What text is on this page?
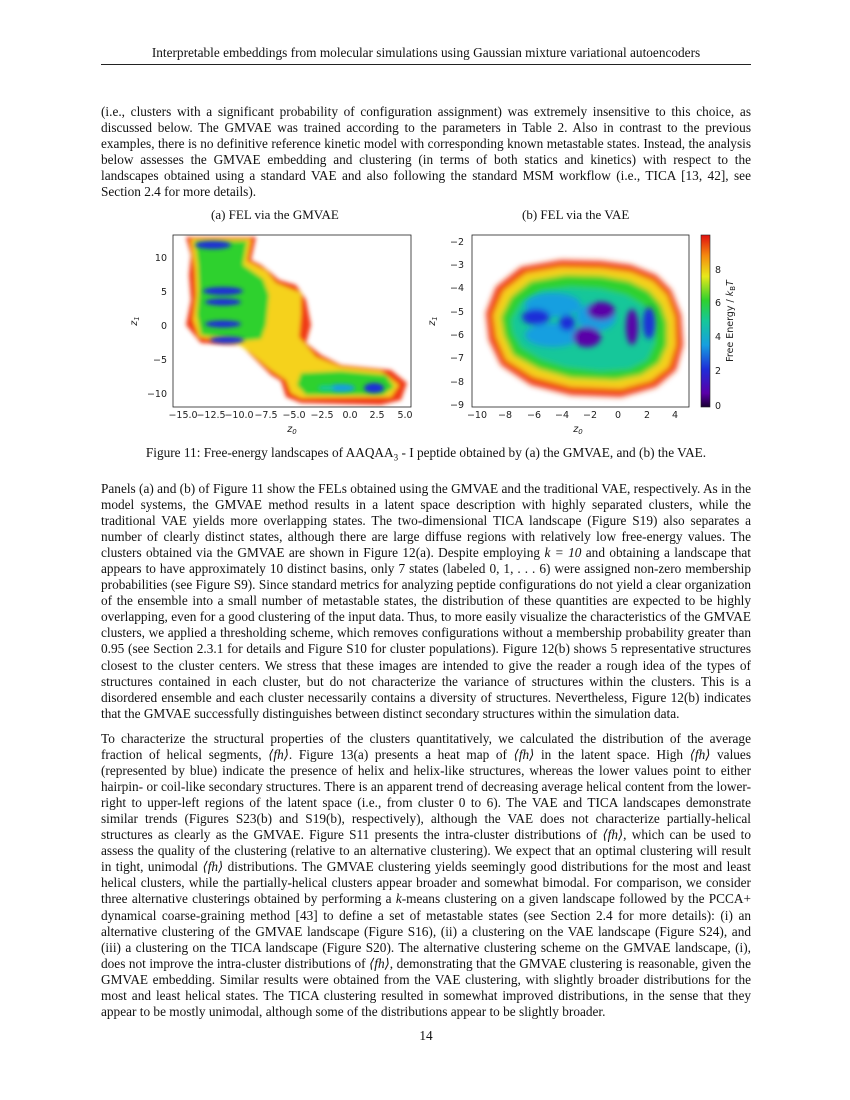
Interpretable embeddings from molecular simulations using Gaussian mixture variational autoencoders

(i.e., clusters with a significant probability of configuration assignment) was extremely insensitive to this choice, as discussed below. The GMVAE was trained according to the parameters in Table 2. Also in contrast to the previous examples, there is no definitive reference kinetic model with corresponding known metastable states. Instead, the analysis below assesses the GMVAE embedding and clustering (in terms of both statics and kinetics) with respect to the landscapes obtained using a standard VAE and also following the standard MSM workflow (i.e., TICA [13, 42], see Section 2.4 for more details).

(a) FEL via the GMVAE	(b) FEL via the VAE
−15.0
−12.5
−10.0 −7.5 −5.0 −2.5 0.0 2.5 5.0
10
5
0
−5
−10
$z_0$
$z_1$
−10 −8 −6 −4 −2 0 2 4
−2
−3
−4
−5
−6
−7
−8
−9
$z_0$
$z_1$
8
6
4
2
0
Free Energy / $k_BT$
Figure 11: Free-energy landscapes of $AAQAA_3$ - I peptide obtained by (a) the GMVAE, and (b) the VAE.

Panels (a) and (b) of Figure 11 show the FELs obtained using the GMVAE and the traditional VAE, respectively. As in the model systems, the GMVAE method results in a latent space description with highly separated clusters, while the traditional VAE yields more overlapping states. The two-dimensional TICA landscape (Figure S19) also separates a number of clearly distinct states, although there are large diffuse regions with relatively low free-energy values. The clusters obtained via the GMVAE are shown in Figure 12(a). Despite employing k = 10 and obtaining a landscape that appears to have approximately 10 distinct basins, only 7 states (labeled 0, 1, . . . 6) were assigned non-zero membership probabilities (see Figure S9). Since standard metrics for analyzing peptide configurations do not yield a clear organization of the ensemble into a small number of metastable states, the distribution of these quantities are expected to be highly overlapping, even for a good clustering of the input data. Thus, to more easily visualize the characteristics of the GMVAE clusters, we applied a thresholding scheme, which removes configurations without a membership probability greater than 0.95 (see Section 2.3.1 for details and Figure S10 for cluster populations). Figure 12(b) shows 5 representative structures closest to the cluster centers. We stress that these images are intended to give the reader a rough idea of the types of structures contained in each cluster, but do not characterize the variance of structures within the clusters. This is a disordered ensemble and each cluster necessarily contains a diversity of structures. Nevertheless, Figure 12(b) indicates that the GMVAE successfully distinguishes between distinct secondary structures within the simulation data.

To characterize the structural properties of the clusters quantitatively, we calculated the distribution of the average fraction of helical segments, ⟨fh⟩. Figure 13(a) presents a heat map of ⟨fh⟩ in the latent space. High ⟨fh⟩ values (represented by blue) indicate the presence of helix and helix-like structures, whereas the lower values point to either hairpin- or coil-like secondary structures. There is an apparent trend of decreasing average helical content from the lower-right to upper-left regions of the latent space (i.e., from cluster 0 to 6). The VAE and TICA landscapes demonstrate similar trends (Figures S23(b) and S19(b), respectively), although the VAE does not characterize partially-helical structures as clearly as the GMVAE. Figure S11 presents the intra-cluster distributions of ⟨fh⟩, which can be used to assess the quality of the clustering (relative to an alternative clustering). We expect that an optimal clustering will result in tight, unimodal ⟨fh⟩ distributions. The GMVAE clustering yields seemingly good distributions for the most and least helical clusters, while the partially-helical clusters appear broader and somewhat bimodal. For comparison, we consider three alternative clusterings obtained by performing a k-means clustering on a given landscape followed by the PCCA+ dynamical coarse-graining method [43] to define a set of metastable states (see Section 2.4 for more details): (i) an alternative clustering of the GMVAE landscape (Figure S16), (ii) a clustering on the VAE landscape (Figure S24), and (iii) a clustering on the TICA landscape (Figure S20). The alternative clustering scheme on the GMVAE landscape, (i), does not improve the intra-cluster distributions of ⟨fh⟩, demonstrating that the GMVAE clustering is reasonable, given the GMVAE embedding. Similar results were obtained from the VAE clustering, with slightly broader distributions for the most and least helical states. The TICA clustering resulted in somewhat improved distributions, in the sense that they appear to be mostly unimodal, although some of the distributions appear to be slightly broader.

14
